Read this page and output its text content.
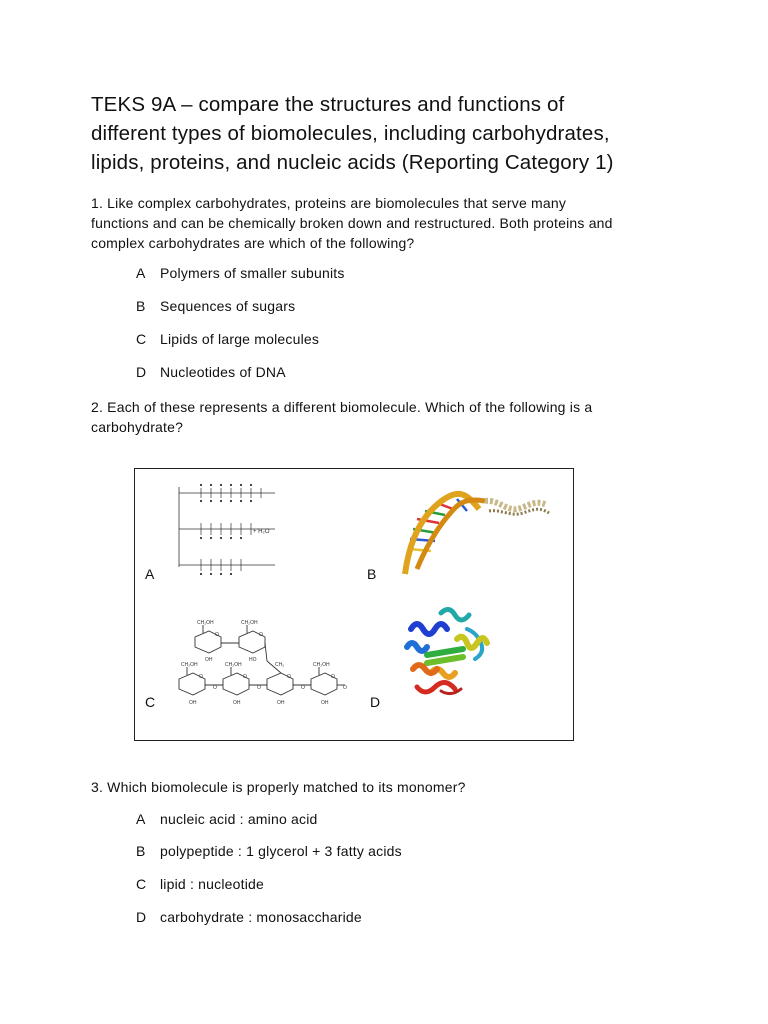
TEKS 9A – compare the structures and functions of
different types of biomolecules, including carbohydrates,
lipids, proteins, and nucleic acids (Reporting Category 1)
1. Like complex carbohydrates, proteins are biomolecules that serve many
functions and can be chemically broken down and restructured. Both proteins and
complex carbohydrates are which of the following?
A Polymers of smaller subunits
B Sequences of sugars
C Lipids of large molecules
D Nucleotides of DNA
2. Each of these represents a different biomolecule. Which of the following is a
carbohydrate?
+ H₂O
A	B
CH₂OH	CH₂OH
CH₂OH	CH₂OH	CH₂	CH₂OH
O	O
O	O	O	O
OH	HO
OH	OH	OH	OH
O	O	O	O
C	D
3. Which biomolecule is properly matched to its monomer?
A nucleic acid : amino acid
B polypeptide : 1 glycerol + 3 fatty acids
C lipid : nucleotide
D carbohydrate : monosaccharide
